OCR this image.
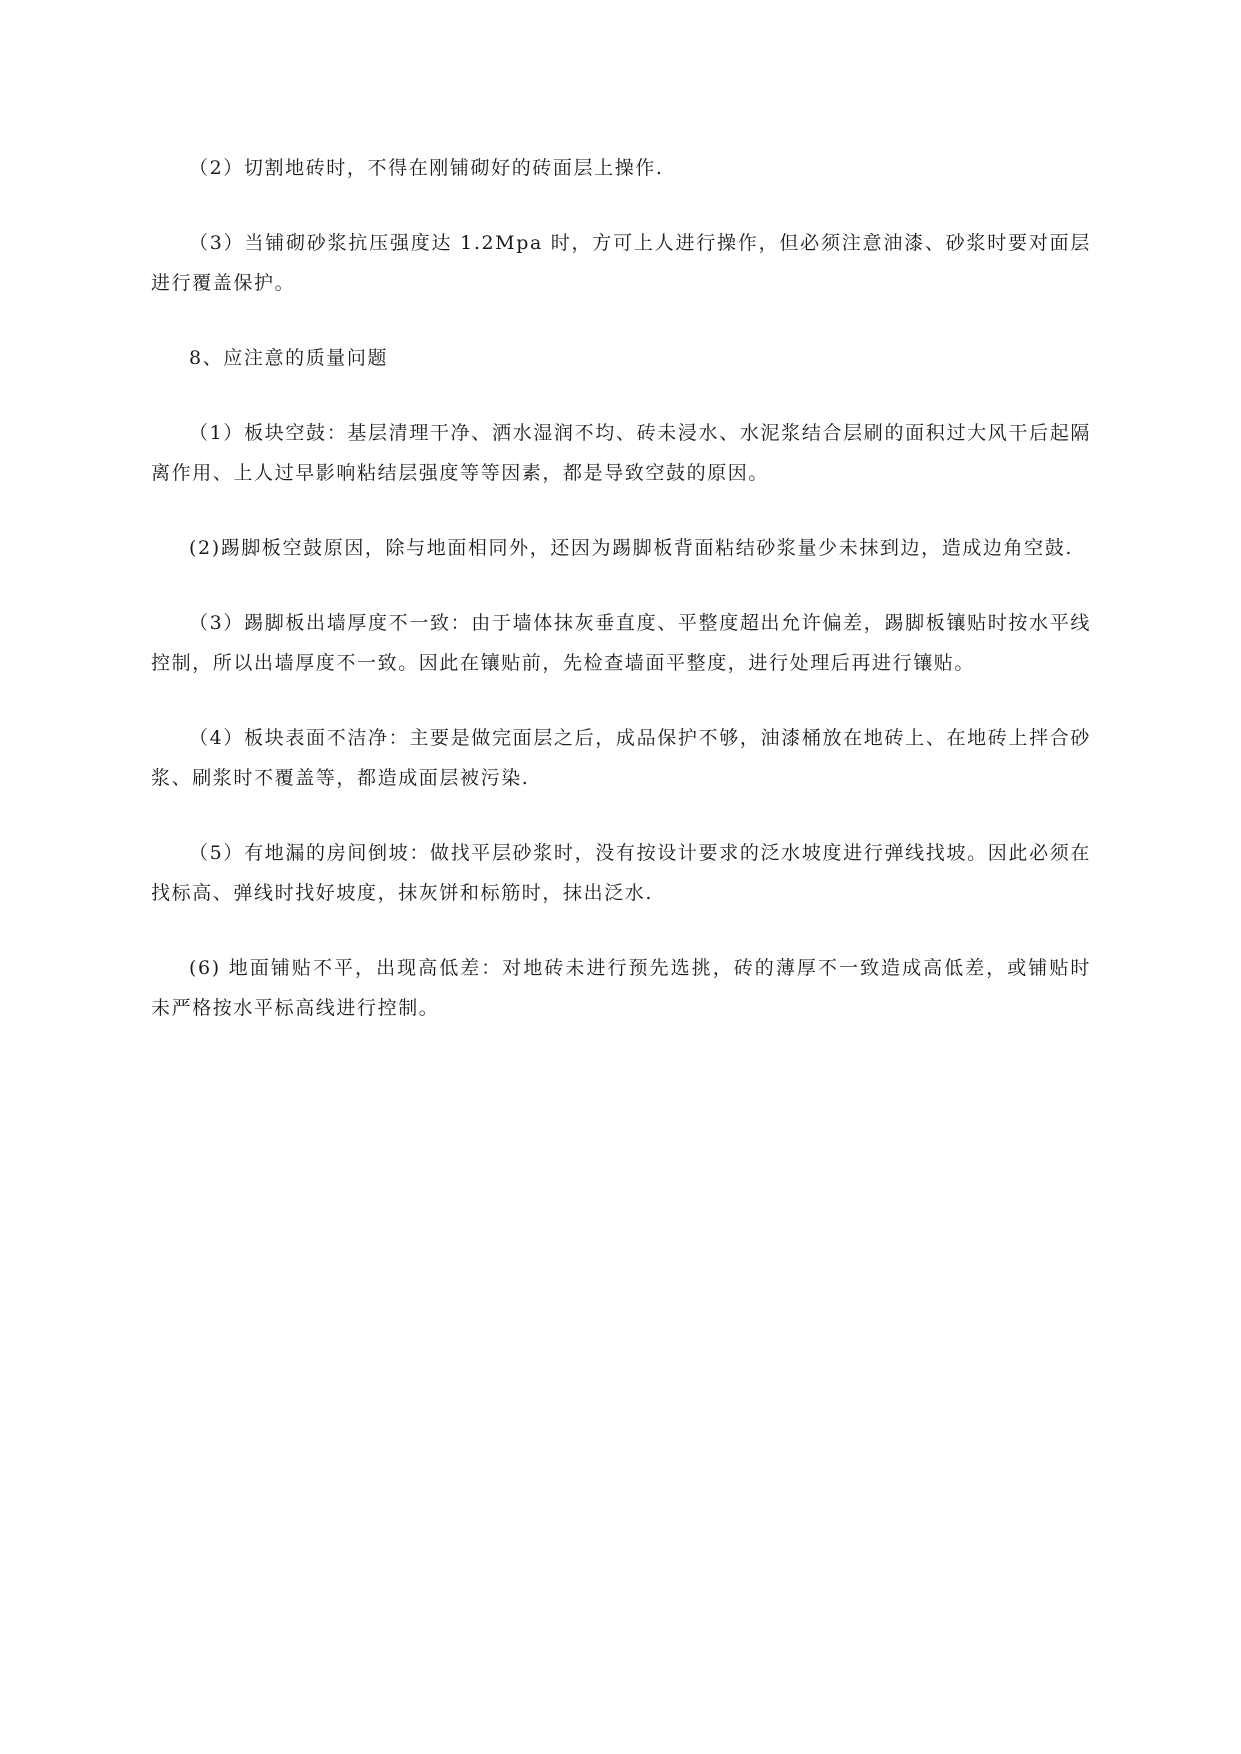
（2）切割地砖时，不得在刚铺砌好的砖面层上操作.

（3）当铺砌砂浆抗压强度达 1.2Mpa 时，方可上人进行操作，但必须注意油漆、砂浆时要对面层进行覆盖保护。

8、应注意的质量问题

（1）板块空鼓：基层清理干净、洒水湿润不均、砖未浸水、水泥浆结合层刷的面积过大风干后起隔离作用、上人过早影响粘结层强度等等因素，都是导致空鼓的原因。

(2)踢脚板空鼓原因，除与地面相同外，还因为踢脚板背面粘结砂浆量少未抹到边，造成边角空鼓.

（3）踢脚板出墙厚度不一致：由于墙体抹灰垂直度、平整度超出允许偏差，踢脚板镶贴时按水平线控制，所以出墙厚度不一致。因此在镶贴前，先检查墙面平整度，进行处理后再进行镶贴。

（4）板块表面不洁净：主要是做完面层之后，成品保护不够，油漆桶放在地砖上、在地砖上拌合砂浆、刷浆时不覆盖等，都造成面层被污染.

（5）有地漏的房间倒坡：做找平层砂浆时，没有按设计要求的泛水坡度进行弹线找坡。因此必须在找标高、弹线时找好坡度，抹灰饼和标筋时，抹出泛水.

(6) 地面铺贴不平，出现高低差：对地砖未进行预先选挑，砖的薄厚不一致造成高低差，或铺贴时未严格按水平标高线进行控制。
